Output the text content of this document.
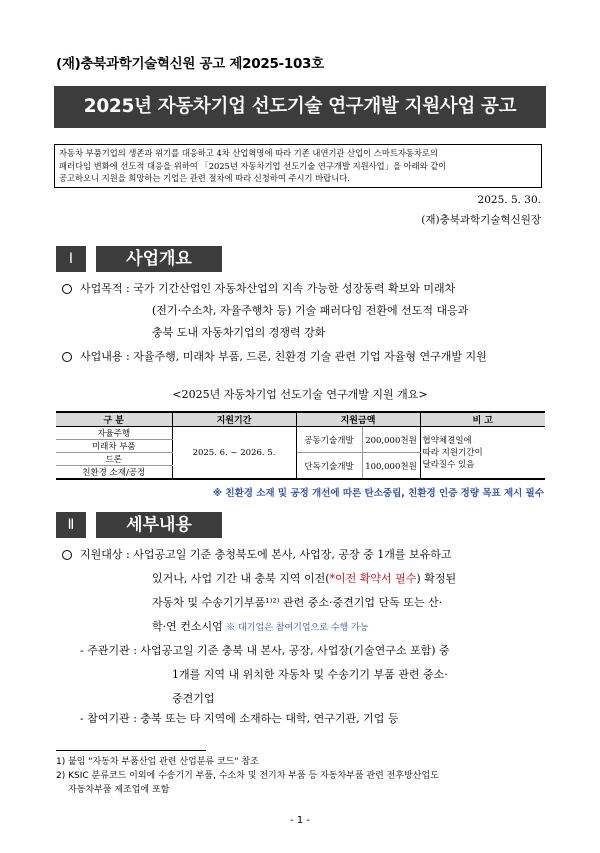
(재)충북과학기술혁신원 공고 제2025-103호
2025년 자동차기업 선도기술 연구개발 지원사업 공고
자동차 부품기업의 생존과 위기를 대응하고 4차 산업혁명에 따라 기존 내연기관 산업이 스마트자동차로의
패러다임 변화에 선도적 대응을 위하여 「2025년 자동차기업 선도기술 연구개발 지원사업」을 아래와 같이
공고하오니 지원을 희망하는 기업은 관련 절차에 따라 신청하여 주시기 바랍니다.
2025. 5. 30.
(재)충북과학기술혁신원장
Ⅰ	사업개요
사업목적 : 국가 기간산업인 자동차산업의 지속 가능한 성장동력 확보와 미래차
(전기·수소차, 자율주행차 등) 기술 패러다임 전환에 선도적 대응과
충북 도내 자동차기업의 경쟁력 강화
사업내용 : 자율주행, 미래차 부품, 드론, 친환경 기술 관련 기업 자율형 연구개발 지원
<2025년 자동차기업 선도기술 연구개발 지원 개요>
구 분	지원기간	지원금액		비 고
자율주행	2025. 6. ~ 2026. 5.	공동기술개발	200,000천원	협약체결일에
따라 지원기간이
달라질수 있음

미래차 부품				
드론		단독기술개발	100,000천원	
친환경 소재/공정				
※ 친환경 소재 및 공정 개선에 따른 탄소중립, 친환경 인증 정량 목표 제시 필수
Ⅱ	세부내용
지원대상 : 사업공고일 기준 충청북도에 본사, 사업장, 공장 중 1개를 보유하고
있거나, 사업 기간 내 충북 지역 이전(*이전 확약서 필수) 확정된
자동차 및 수송기기부품¹⁾²⁾ 관련 중소·중견기업 단독 또는 산·
학·연 컨소시엄 ※ 대기업은 참여기업으로 수행 가능
- 주관기관 : 사업공고일 기준 충북 내 본사, 공장, 사업장(기술연구소 포함) 중
1개를 지역 내 위치한 자동차 및 수송기기 부품 관련 중소·
중견기업
- 참여기관 : 충북 또는 타 지역에 소재하는 대학, 연구기관, 기업 등
1) 붙임 "자동차 부품산업 관련 산업분류 코드" 참조
2) KSIC 분류코드 이외에 수송기기 부품, 수소차 및 전기차 부품 등 자동차부품 관련 전후방산업도
자동차부품 제조업에 포함
- 1 -
